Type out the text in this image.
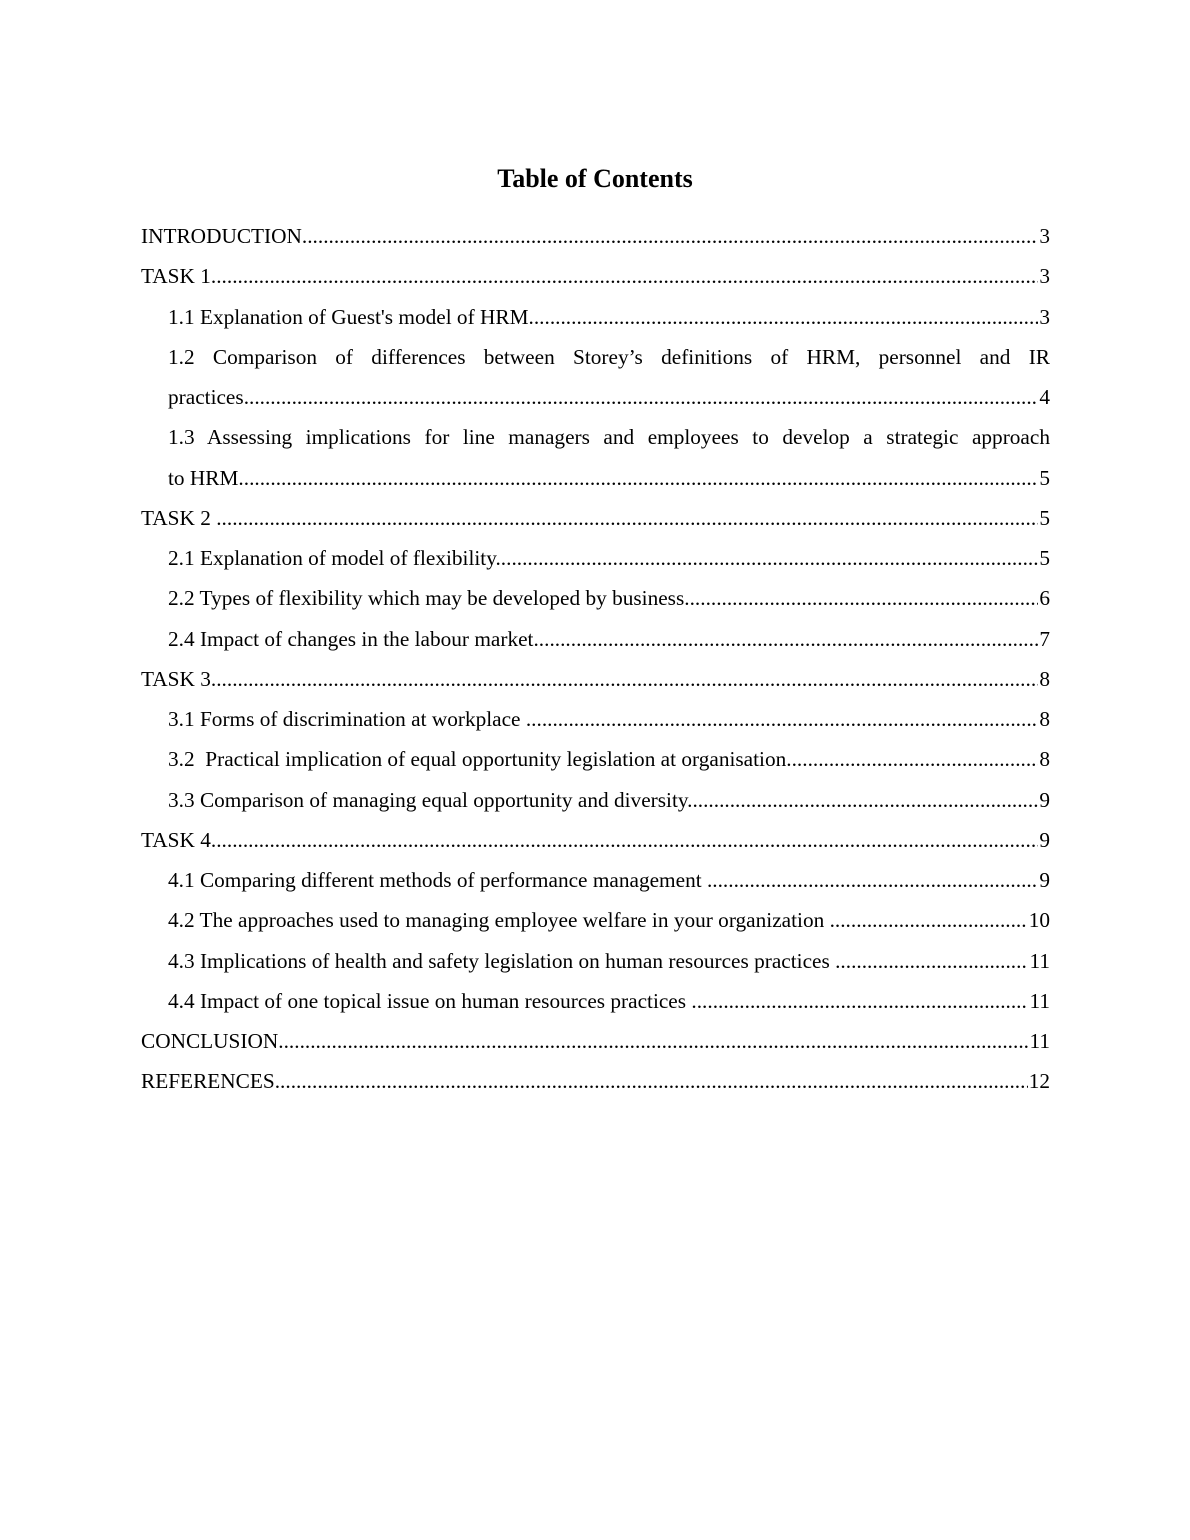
Table of Contents
3
INTRODUCTION .....
3
TASK 1 .....
3
1.1 Explanation of Guest's model of HRM .....
1.2 Comparison of differences between Storey’s definitions of HRM, personnel and IR
4
practices .....
1.3 Assessing implications for line managers and employees to develop a strategic approach
5
to HRM .....
5
TASK 2 .....
5
2.1 Explanation of model of flexibility .....
6
2.2 Types of flexibility which may be developed by business .....
7
2.4 Impact of changes in the labour market .....
8
TASK 3 .....
8
3.1 Forms of discrimination at workplace .....
8
3.2  Practical implication of equal opportunity legislation at organisation .....
9
3.3 Comparison of managing equal opportunity and diversity .....
9
TASK 4 .....
9
4.1 Comparing different methods of performance management .....
10
4.2 The approaches used to managing employee welfare in your organization .....
11
4.3 Implications of health and safety legislation on human resources practices .....
11
4.4 Impact of one topical issue on human resources practices .....
11
CONCLUSION .....
12
REFERENCES .....
